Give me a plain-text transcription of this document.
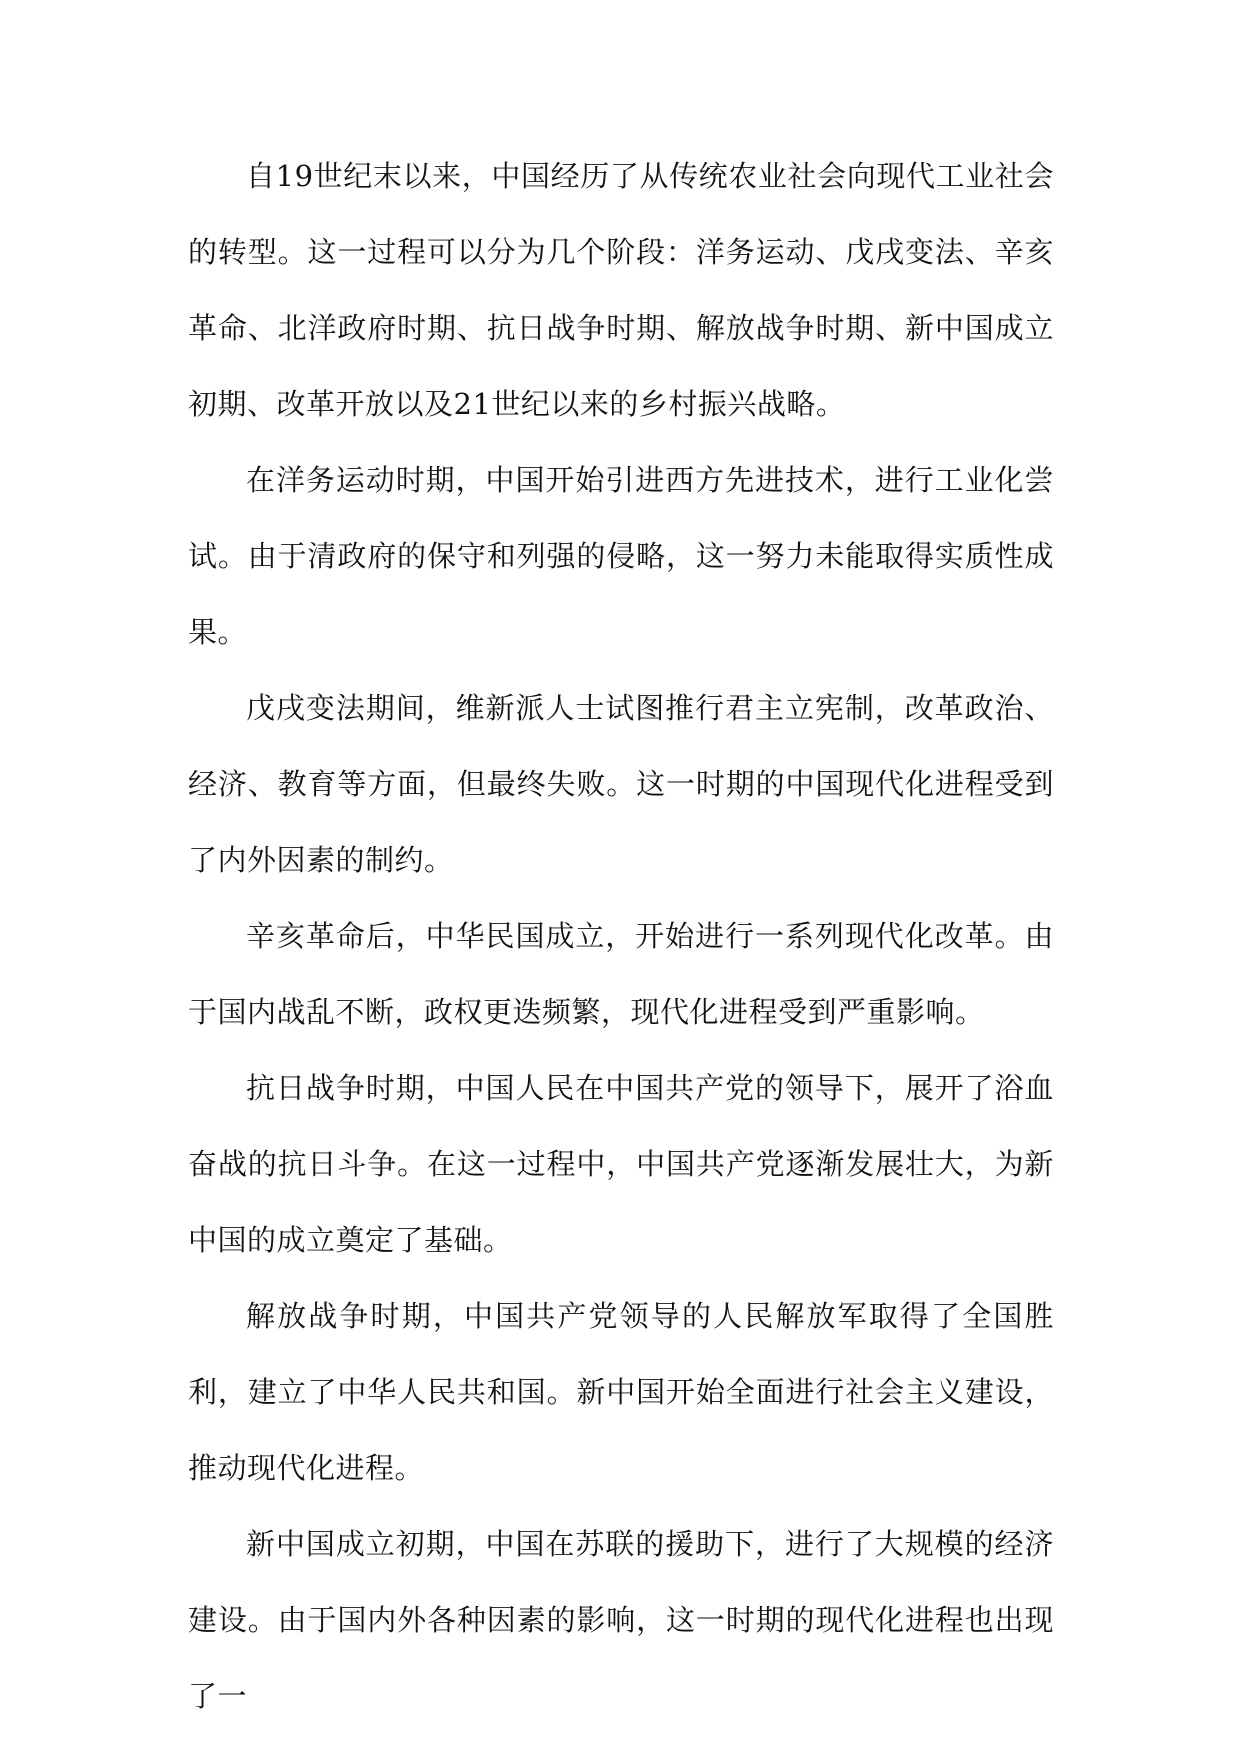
自19世纪末以来，中国经历了从传统农业社会向现代工业社会的转型。这一过程可以分为几个阶段：洋务运动、戊戌变法、辛亥革命、北洋政府时期、抗日战争时期、解放战争时期、新中国成立初期、改革开放以及21世纪以来的乡村振兴战略。

在洋务运动时期，中国开始引进西方先进技术，进行工业化尝试。由于清政府的保守和列强的侵略，这一努力未能取得实质性成果。

戊戌变法期间，维新派人士试图推行君主立宪制，改革政治、经济、教育等方面，但最终失败。这一时期的中国现代化进程受到了内外因素的制约。

辛亥革命后，中华民国成立，开始进行一系列现代化改革。由于国内战乱不断，政权更迭频繁，现代化进程受到严重影响。

抗日战争时期，中国人民在中国共产党的领导下，展开了浴血奋战的抗日斗争。在这一过程中，中国共产党逐渐发展壮大，为新中国的成立奠定了基础。

解放战争时期，中国共产党领导的人民解放军取得了全国胜利，建立了中华人民共和国。新中国开始全面进行社会主义建设，推动现代化进程。

新中国成立初期，中国在苏联的援助下，进行了大规模的经济建设。由于国内外各种因素的影响，这一时期的现代化进程也出现了一
